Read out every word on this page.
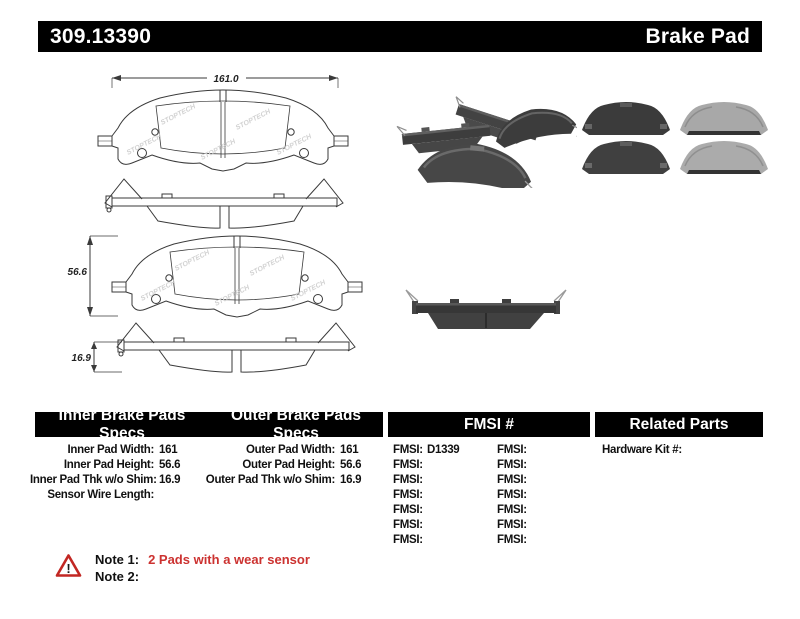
309.13390	Brake Pad
161.0
STOPTECH
STOPTECH
STOPTECH
STOPTECH
STOPTECH
56.6
STOPTECH
STOPTECH
STOPTECH
STOPTECH
STOPTECH
16.9
Inner Brake Pads Specs
Outer Brake Pads Specs
FMSI #	Related Parts
Inner Pad Width: 161
Inner Pad Height: 56.6
Inner Pad Thk w/o Shim: 16.9
Sensor Wire Length:
Outer Pad Width: 161
Outer Pad Height: 56.6
Outer Pad Thk w/o Shim: 16.9
FMSI: D1339
FMSI:
FMSI:
FMSI:
FMSI:
FMSI:
FMSI:
FMSI:
FMSI:
FMSI:
FMSI:
FMSI:
FMSI:
FMSI:
Hardware Kit #:
!
Note 1: 2 Pads with a wear sensor
Note 2:
